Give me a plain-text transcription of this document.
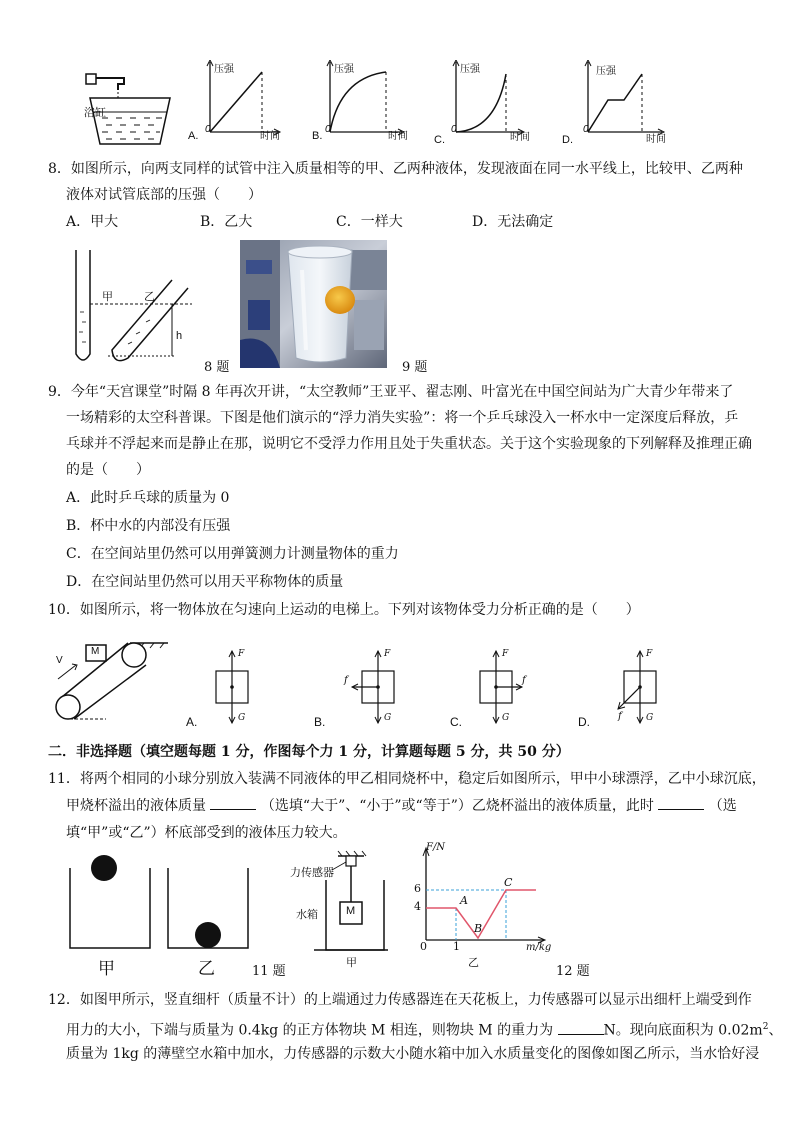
浴缸
A.
压强
0
时间	B.
压强
0
时间 C.
压强
0
时间	D.
压强
0
时间
8．如图所示，向两支同样的试管中注入质量相等的甲、乙两种液体，发现液面在同一水平线上，比较甲、乙两种
液体对试管底部的压强（　　）
A．甲大	B．乙大	C．一样大	D．无法确定
甲	乙
h
8 题	9 题
9．今年“天宫课堂”时隔 8 年再次开讲，“太空教师”王亚平、翟志刚、叶富光在中国空间站为广大青少年带来了
一场精彩的太空科普课。下图是他们演示的“浮力消失实验”：将一个乒乓球没入一杯水中一定深度后释放，乒
乓球并不浮起来而是静止在那，说明它不受浮力作用且处于失重状态。关于这个实验现象的下列解释及推理正确
的是（　　）
A．此时乒乓球的质量为 0
B．杯中水的内部没有压强
C．在空间站里仍然可以用弹簧测力计测量物体的重力
D．在空间站里仍然可以用天平称物体的质量
10．如图所示，将一物体放在匀速向上运动的电梯上。下列对该物体受力分析正确的是（　　）
V
M
A.
F
G	B.
F
f
G	C.
F
f
G	D.
F
f	G
二．非选择题（填空题每题 1 分，作图每个力 1 分，计算题每题 5 分，共 50 分）
11．将两个相同的小球分别放入装满不同液体的甲乙相同烧杯中，稳定后如图所示，甲中小球漂浮，乙中小球沉底，
甲烧杯溢出的液体质量	（选填“大于”、“小于”或“等于”）乙烧杯溢出的液体质量，此时	（选
填“甲”或“乙”）杯底部受到的液体压力较大。
甲	乙	11 题
力传感器
水箱	M
甲
F/N
m/kg
0 1
6
4	A
B
C
乙
12 题
12．如图甲所示，竖直细杆（质量不计）的上端通过力传感器连在天花板上，力传感器可以显示出细杆上端受到作
用力的大小，下端与质量为 0.4kg 的正方体物块 M 相连，则物块 M 的重力为	N。现向底面积为 $0.02m^2$、
质量为 1kg 的薄壁空水箱中加水，力传感器的示数大小随水箱中加入水质量变化的图像如图乙所示，当水恰好浸
